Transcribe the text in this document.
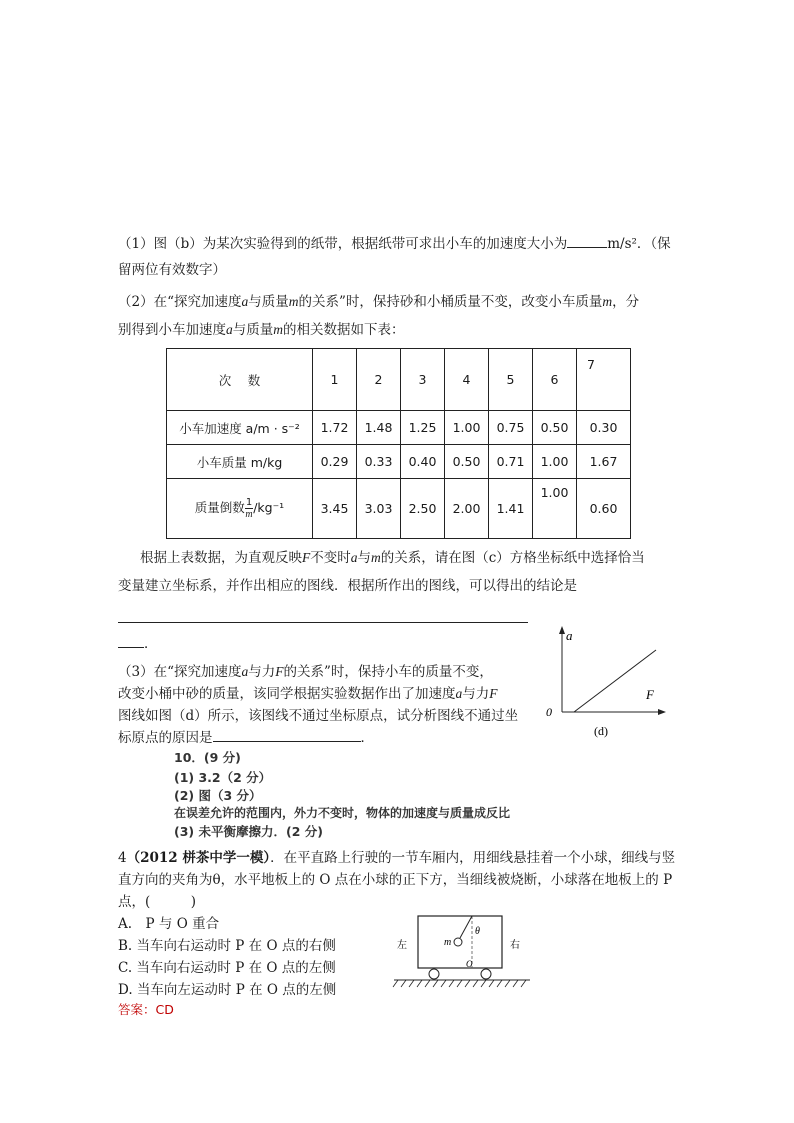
（1）图（b）为某次实验得到的纸带，根据纸带可求出小车的加速度大小为	m/s²．（保
留两位有效数字）
（2）在“探究加速度a与质量m的关系”时，保持砂和小桶质量不变，改变小车质量m，分
别得到小车加速度a与质量m的相关数据如下表：
次　 数	1	2	3	4	5	6	7
小车加速度 a/m · s⁻²	1.72	1.48	1.25	1.00	0.75	0.50	0.30
小车质量 m/kg	0.29	0.33	0.40	0.50	0.71	1.00	1.67
质量倒数 $\frac{1}{m} /kg^{-1}$	3.45	3.03	2.50	2.00	1.41	1.00	0.60
根据上表数据，为直观反映F不变时a与m的关系，请在图（c）方格坐标纸中选择恰当
变量建立坐标系，并作出相应的图线．根据所作出的图线，可以得出的结论是
．
（3）在“探究加速度a与力F的关系”时，保持小车的质量不变，
改变小桶中砂的质量，该同学根据实验数据作出了加速度a与力F
图线如图（d）所示，该图线不通过坐标原点，试分析图线不通过坐
标原点的原因是	．
a
F
0
(d)
10．(9 分)
(1) 3.2（2 分）
(2) 图（3 分）
在误差允许的范围内，外力不变时，物体的加速度与质量成反比
(3) 未平衡摩擦力．(2 分)
4（2012 栟茶中学一模）．在平直路上行驶的一节车厢内，用细线悬挂着一个小球，细线与竖
直方向的夹角为θ，水平地板上的 O 点在小球的正下方，当细线被烧断，小球落在地板上的 P
点，(　　　)
A.　P 与 O 重合
B. 当车向右运动时 P 在 O 点的右侧
C. 当车向右运动时 P 在 O 点的左侧
D. 当车向左运动时 P 在 O 点的左侧
答案：CD
左	右
θ
m
O
